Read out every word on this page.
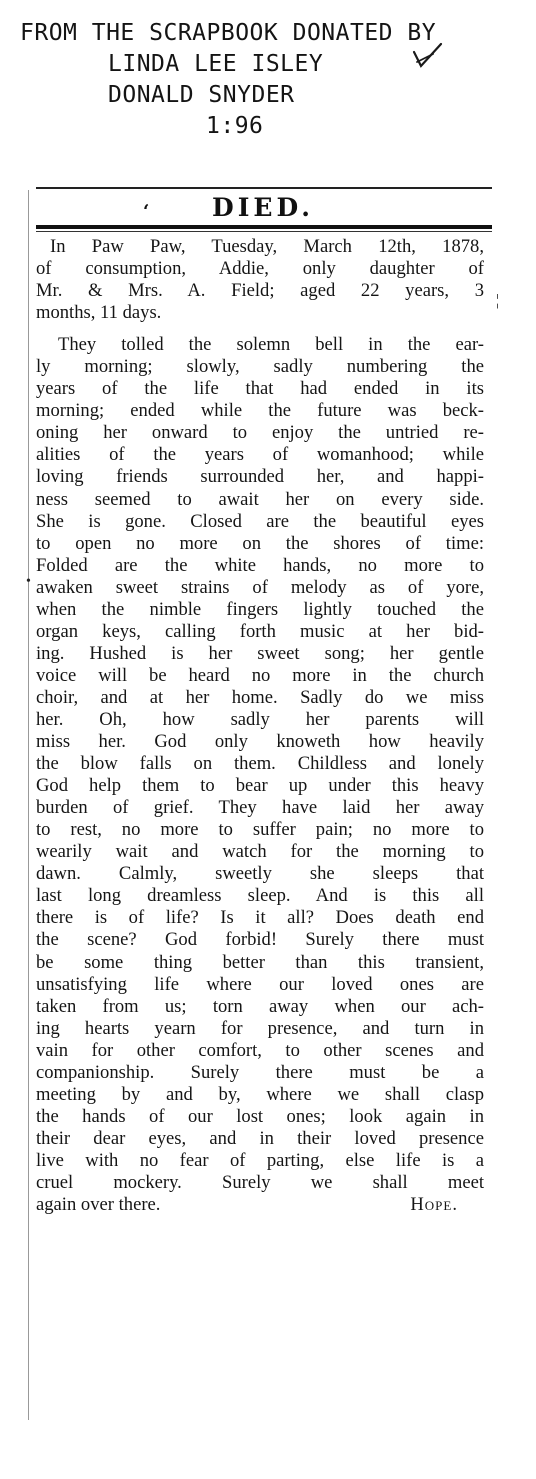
FROM THE SCRAPBOOK DONATED BY
LINDA LEE ISLEY
DONALD SNYDER
1:96
‘ DIED.
In Paw Paw, Tuesday, March 12th, 1878,
of consumption, Addie, only daughter of
Mr. & Mrs. A. Field; aged 22 years, 3
months, 11 days.
They tolled the solemn bell in the ear-
ly morning; slowly, sadly numbering the
years of the life that had ended in its
morning; ended while the future was beck-
oning her onward to enjoy the untried re-
alities of the years of womanhood; while
loving friends surrounded her, and happi-
ness seemed to await her on every side.
She is gone. Closed are the beautiful eyes
to open no more on the shores of time:
Folded are the white hands, no more to
awaken sweet strains of melody as of yore,
when the nimble fingers lightly touched the
organ keys, calling forth music at her bid-
ing. Hushed is her sweet song; her gentle
voice will be heard no more in the church
choir, and at her home. Sadly do we miss
her. Oh, how sadly her parents will
miss her. God only knoweth how heavily
the blow falls on them. Childless and lonely
God help them to bear up under this heavy
burden of grief. They have laid her away
to rest, no more to suffer pain; no more to
wearily wait and watch for the morning to
dawn. Calmly, sweetly she sleeps that
last long dreamless sleep. And is this all
there is of life? Is it all? Does death end
the scene? God forbid! Surely there must
be some thing better than this transient,
unsatisfying life where our loved ones are
taken from us; torn away when our ach-
ing hearts yearn for presence, and turn in
vain for other comfort, to other scenes and
companionship. Surely there must be a
meeting by and by, where we shall clasp
the hands of our lost ones; look again in
their dear eyes, and in their loved presence
live with no fear of parting, else life is a
cruel mockery. Surely we shall meet
again over there.	Hope.
¦
•
